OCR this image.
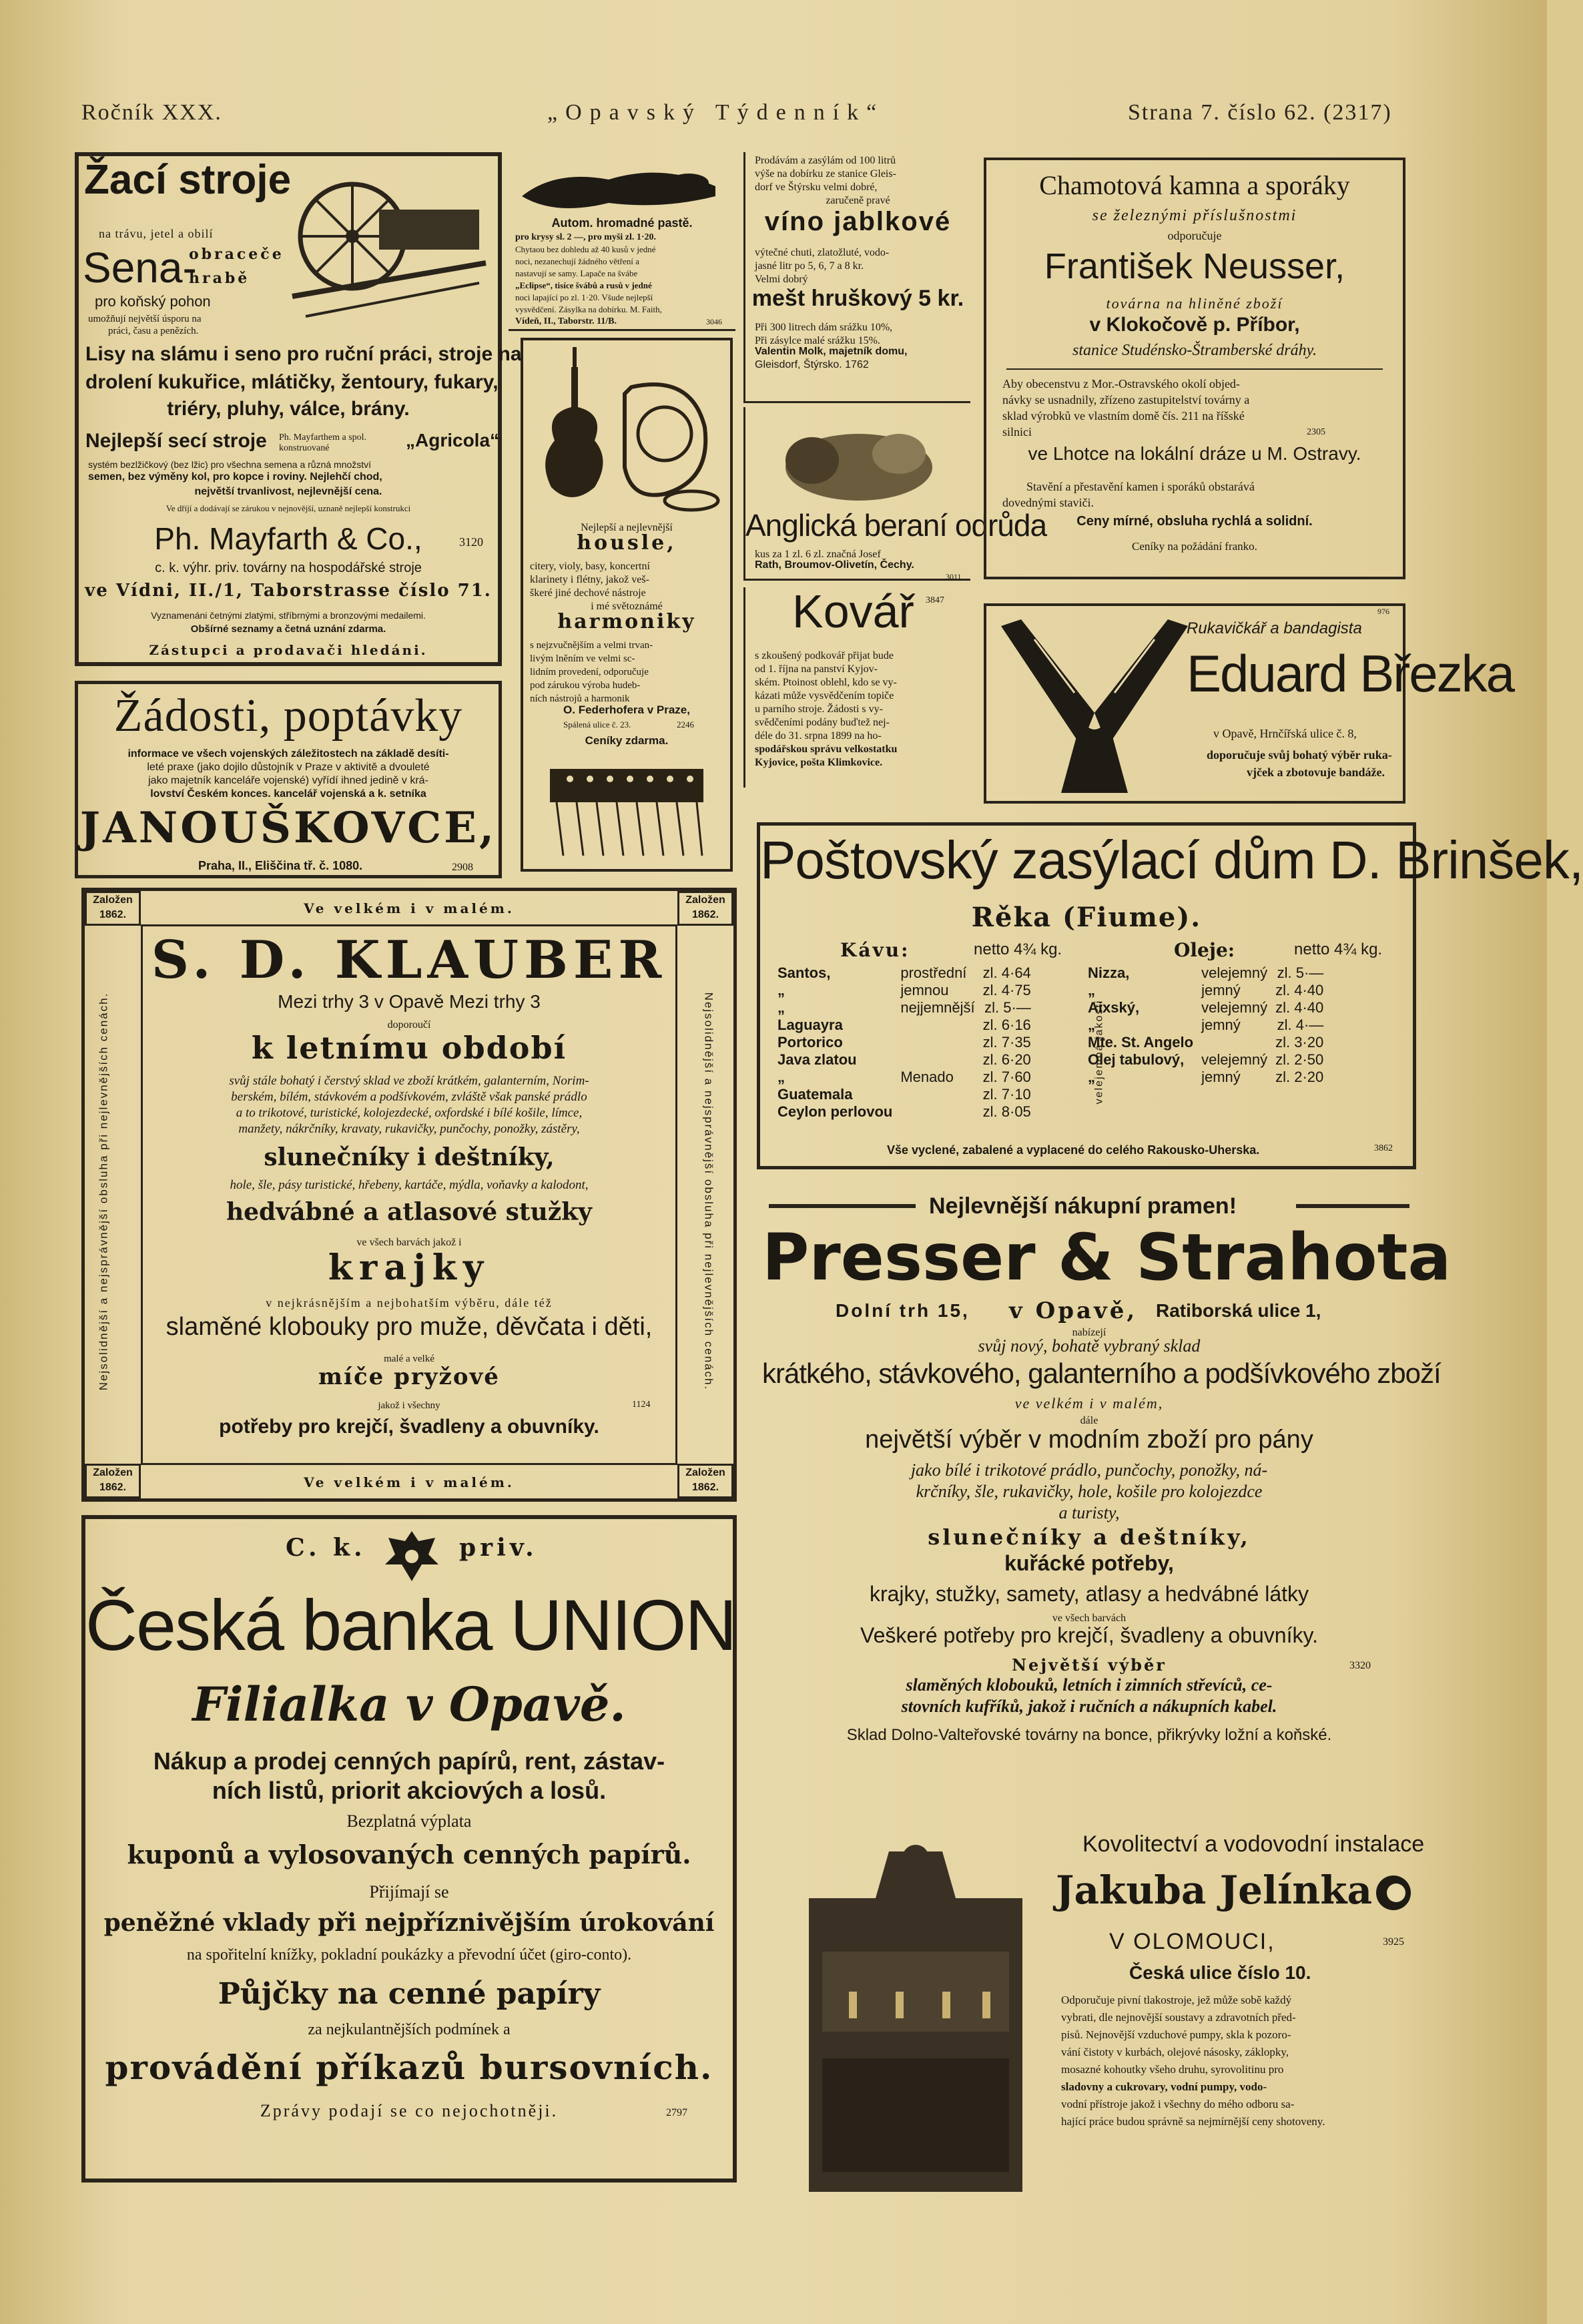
Ročník XXX.	„Opavský Týdenník“	Strana 7. číslo 62. (2317)
Žací stroje
na trávu, jetel a obilí
Sena-
obraceče
hrabě
pro koňský pohon
umožňují největší úsporu na
práci, času a penězích.
Lisy na slámu i seno pro ruční práci, stroje na
drolení kukuřice, mlátičky, žentoury, fukary,
triéry, pluhy, válce, brány.
Nejlepší secí stroje Ph. Mayfarthem a spol. konstruované	„Agricola“
systém bezlžičkový (bez lžic) pro všechna semena a různá množství
semen, bez výměny kol, pro kopce i roviny. Nejlehčí chod,
největší trvanlivost, nejlevnější cena.
Ve dříjí a dodávají se zárukou v nejnovější, uznaně nejlepší konstrukci
Ph. Mayfarth & Co.,	3120
c. k. výhr. priv. továrny na hospodářské stroje
ve Vídni, II./1, Taborstrasse číslo 71.
Vyznamenáni četnými zlatými, stříbrnými a bronzovými medailemi.
Obšírné seznamy a četná uznání zdarma.
Zástupci a prodavači hledáni.
Žádosti, poptávky
informace ve všech vojenských záležitostech na základě desíti-
leté praxe (jako dojilo důstojník v Praze v aktivitě a dvouleté
jako majetník kanceláře vojenské) vyřídí ihned jedině v krá-
lovství Českém konces. kancelář vojenská a k. setníka
JANOUŠKOVCE,
Praha, II., Eliščina tř. č. 1080.	2908
Autom. hromadné pastě.
pro krysy sl. 2 —, pro myši zl. 1·20.
Chytaou bez dohledu až 40 kusů v jedné
noci, nezanechují žádného větření a
nastavují se samy. Lapače na švábe
„Eclipse“, tisíce švábů a rusů v jedné
noci lapající po zl. 1·20. Všude nejlepší
vysvědčení. Zásylka na dobírku. M. Faith,
Vídeň, II., Taborstr. 11/B.	3046
Nejlepší a nejlevnější
housle,
citery, violy, basy, koncertní
klarinety i flétny, jakož veš-
škeré jiné dechové nástroje
i mé světoznámé
harmoniky
s nejzvučnějším a velmi trvan-
livým lněním ve velmi sc-
lidním provedení, odporučuje
pod zárukou výroba hudeb-
ních nástrojů a harmonik
O. Federhofera v Praze,
Spálená ulice č. 23.	2246
Ceníky zdarma.
Prodávám a zasýlám od 100 litrů
výše na dobírku ze stanice Gleis-
dorf ve Štýrsku velmi dobré,
zaručeně pravé
víno jablkové
výtečné chuti, zlatožluté, vodo-
jasné litr po 5, 6, 7 a 8 kr.
Velmi dobrý
mešt hruškový 5 kr.
Při 300 litrech dám srážku 10%,
Při zásylce malé srážku 15%.
Valentin Molk, majetník domu,
Gleisdorf, Štýrsko. 1762
Anglická beraní odrůda
kus za 1 zl. 6 zl. značná Josef
Rath, Broumov-Olivetín, Čechy.
3011
Kovář 3847
s zkoušený podkovář přijat bude
od 1. října na panství Kyjov-
ském. Ptoinost oblehl, kdo se vy-
kázati může vysvědčením topiče
u parního stroje. Žádosti s vy-
svědčeními podány buďtež nej-
déle do 31. srpna 1899 na ho-
spodářskou správu velkostatku
Kyjovice, pošta Klimkovice.
Chamotová kamna a sporáky
se železnými příslušnostmi
odporučuje
František Neusser,
továrna na hliněné zboží
v Klokočově p. Příbor,
stanice Studénsko-Štramberské dráhy.
Aby obecenstvu z Mor.-Ostravského okolí objed-
návky se usnadnily, zřízeno zastupitelství továrny a
sklad výrobků ve vlastním domě čís. 211 na říšské
silnici	2305
ve Lhotce na lokální dráze u M. Ostravy.
Stavění a přestavění kamen i sporáků obstarává
dovednými staviči.
Ceny mírné, obsluha rychlá a solidní.
Ceníky na požádání franko.
976
Rukavičkář a bandagista
Eduard Březka
v Opavě, Hrnčířská ulice č. 8,
doporučuje svůj bohatý výběr ruka-
vjček a zbotovuje bandáže.
Poštovský zasýlací dům D. Brinšek,
Rěka (Fiume).
Kávu:	netto 4¾ kg.	Oleje:	netto 4¾ kg.
Santos,	prostřední	zl. 4·64
„	jemnou	zl. 4·75
„	nejjemnější	zl. 5·—
Laguayra		zl. 6·16
Portorico		zl. 7·35
Java zlatou		zl. 6·20
„	Menado	zl. 7·60
Guatemala		zl. 7·10
Ceylon perlovou		zl. 8·05
velejemná jakosti
Nizza,	velejemný	zl. 5·—
„	jemný	zl. 4·40
Aixský,	velejemný	zl. 4·40
„	jemný	zl. 4·—
Mte. St. Angelo		zl. 3·20
Olej tabulový,	velejemný	zl. 2·50
„	jemný	zl. 2·20
Vše vyclené, zabalené a vyplacené do celého Rakousko-Uherska.	3862
Založen
1862.
Založen
1862.
Ve velkém i v malém.
Nejsolidnější a nejsprávnější obsluha při nejlevnějších cenách.	Nejsolidnější a nejsprávnější obsluha při nejlevnějších cenách.
S. D. KLAUBER
Mezi trhy 3 v Opavě Mezi trhy 3
doporoučí
k letnímu období
svůj stále bohatý i čerstvý sklad ve zboží krátkém, galanterním, Norim-
berském, bílém, stávkovém a podšívkovém, zvláště však panské prádlo
a to trikotové, turistické, kolojezdecké, oxfordské i bílé košile, límce,
manžety, nákrčníky, kravaty, rukavičky, punčochy, ponožky, zástěry,
slunečníky i deštníky,
hole, šle, pásy turistické, hřebeny, kartáče, mýdla, voňavky a kalodont,
hedvábné a atlasové stužky
ve všech barvách jakož i
krajky
v nejkrásnějším a nejbohatším výběru, dále též
slaměné klobouky pro muže, děvčata i děti,
malé a velké
míče pryžové
jakož i všechny	1124
potřeby pro krejčí, švadleny a obuvníky.
Založen
1862.
Založen
1862.
Ve velkém i v malém.
C. k.	priv.
Česká banka UNION
Filialka v Opavě.
Nákup a prodej cenných papírů, rent, zástav-
ních listů, priorit akciových a losů.
Bezplatná výplata
kuponů a vylosovaných cenných papírů.
Přijímají se
peněžné vklady při nejpříznivějším úrokování
na spořitelní knížky, pokladní poukázky a převodní účet (giro-conto).
Půjčky na cenné papíry
za nejkulantnějších podmínek a
provádění příkazů bursovních.
Zprávy podají se co nejochotněji.	2797
Nejlevnější nákupní pramen!
Presser & Strahota
Dolní trh 15, v Opavě, Ratiborská ulice 1,
nabízejí
svůj nový, bohatě vybraný sklad
krátkého, stávkového, galanterního a podšívkového zboží
ve velkém i v malém,
dále
největší výběr v modním zboží pro pány
jako bílé i trikotové prádlo, punčochy, ponožky, ná-
krčníky, šle, rukavičky, hole, košile pro kolojezdce
a turisty,
slunečníky a deštníky,
kuřácké potřeby,
krajky, stužky, samety, atlasy a hedvábné látky
ve všech barvách
Veškeré potřeby pro krejčí, švadleny a obuvníky.
Největší výběr	3320
slaměných klobouků, letních i zimních střevíců, ce-
stovních kufříků, jakož i ručních a nákupních kabel.
Sklad Dolno-Valteřovské továrny na bonce, přikrývky ložní a koňské.
Kovolitectví a vodovodní instalace
Jakuba Jelínka
V OLOMOUCI,	3925
Česká ulice číslo 10.
Odporučuje pivní tlakostroje, jež může sobě každý
vybrati, dle nejnovější soustavy a zdravotních před-
pisů. Nejnovější vzduchové pumpy, skla k pozoro-
vání čistoty v kurbách, olejové násosky, záklopky,
mosazné kohoutky všeho druhu, syrovolitinu pro
sladovny a cukrovary, vodní pumpy, vodo-
vodní přístroje jakož i všechny do mého odboru sa-
hající práce budou správně sa nejmírnější ceny shotoveny.
